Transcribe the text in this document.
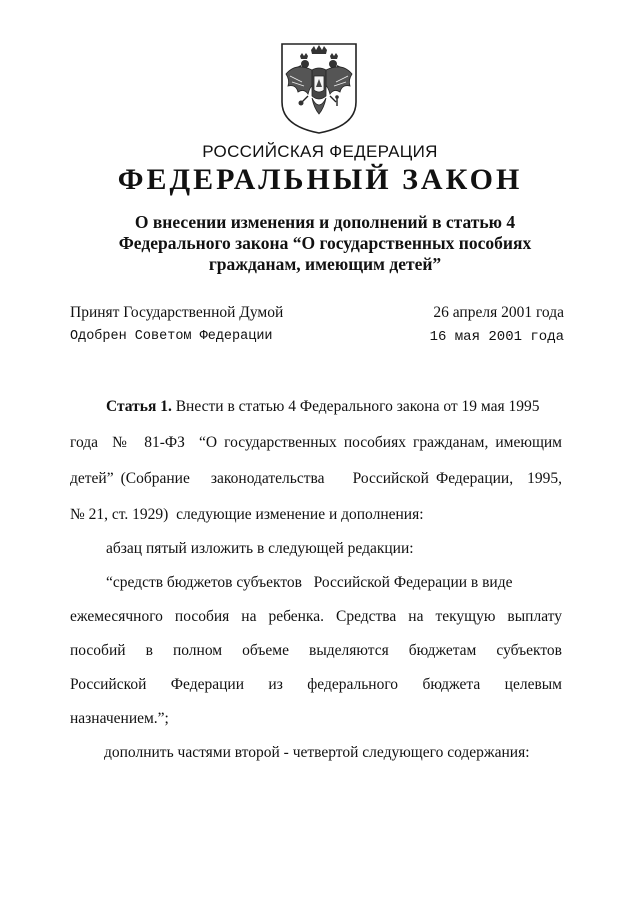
РОССИЙСКАЯ ФЕДЕРАЦИЯ
ФЕДЕРАЛЬНЫЙ ЗАКОН
О внесении изменения и дополнений в статью 4
Федерального закона “О государственных пособиях
гражданам, имеющим детей”
Принят Государственной Думой	26 апреля 2001 года
Одобрен Советом Федерации	16 мая 2001 года
Статья 1. Внести в статью 4 Федерального закона от 19 мая 1995
года  №  81-ФЗ  “О государственных пособиях гражданам, имеющим
детей” (Собрание   законодательства    Российской Федерации,  1995,
№ 21, ст. 1929)  следующие изменение и дополнения:
абзац пятый изложить в следующей редакции:
“средств бюджетов субъектов   Российской Федерации в виде
ежемесячного пособия на ребенка. Средства на текущую выплату
пособий   в   полном   объеме   выделяются   бюджетам   субъектов
Российской   Федерации   из   федерального   бюджета   целевым
назначением.”;
дополнить частями второй - четвертой следующего содержания:
